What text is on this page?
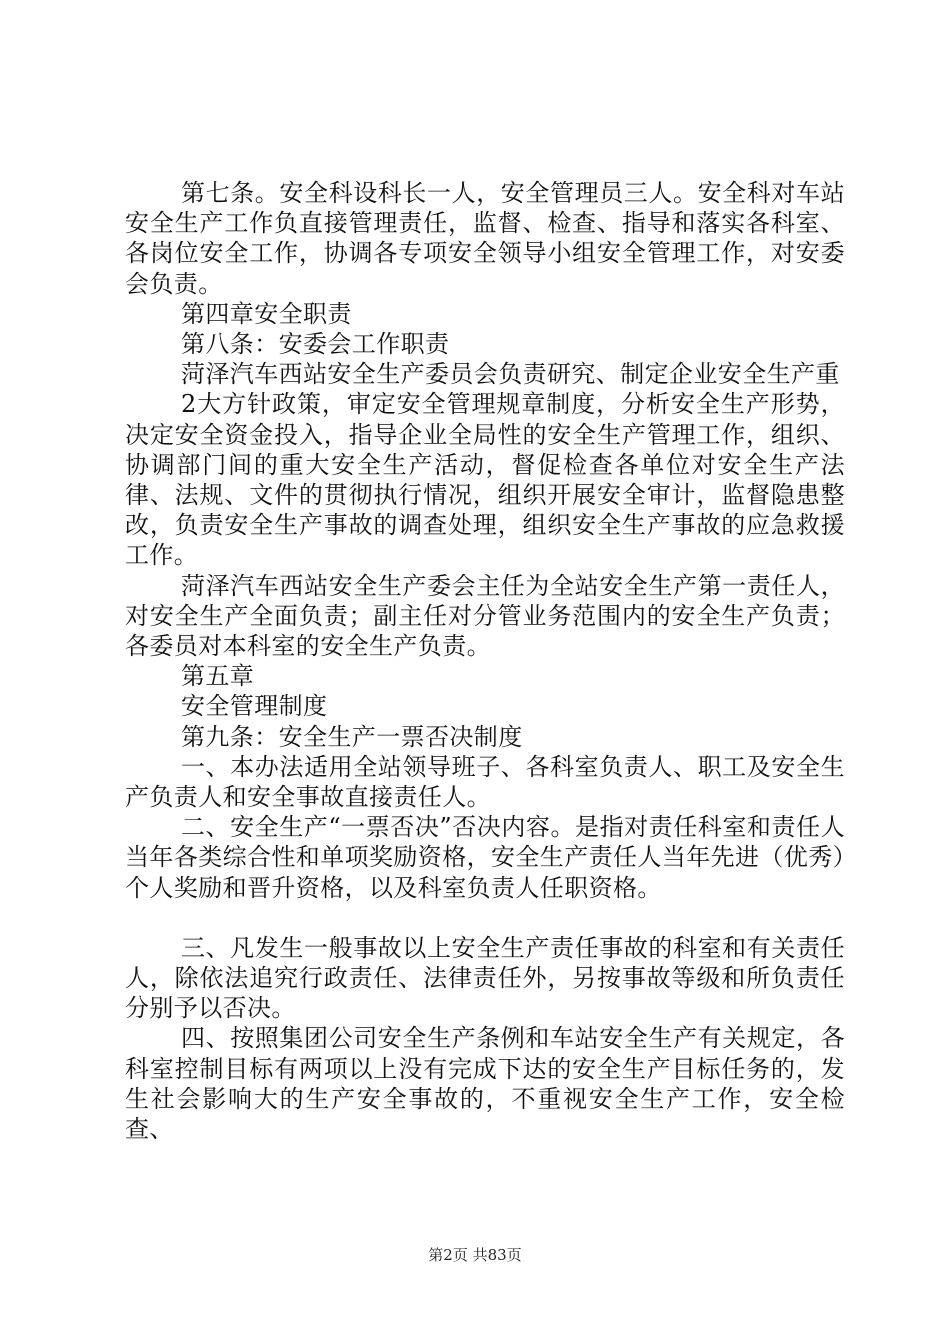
第七条。安全科设科长一人，安全管理员三人。安全科对车站安全生产工作负直接管理责任，监督、检查、指导和落实各科室、各岗位安全工作，协调各专项安全领导小组安全管理工作，对安委会负责。

第四章安全职责

第八条：安委会工作职责

菏泽汽车西站安全生产委员会负责研究、制定企业安全生产重

2大方针政策，审定安全管理规章制度，分析安全生产形势，决定安全资金投入，指导企业全局性的安全生产管理工作，组织、协调部门间的重大安全生产活动，督促检查各单位对安全生产法律、法规、文件的贯彻执行情况，组织开展安全审计，监督隐患整改，负责安全生产事故的调查处理，组织安全生产事故的应急救援工作。

菏泽汽车西站安全生产委会主任为全站安全生产第一责任人，对安全生产全面负责；副主任对分管业务范围内的安全生产负责；各委员对本科室的安全生产负责。

第五章

安全管理制度

第九条：安全生产一票否决制度

一、本办法适用全站领导班子、各科室负责人、职工及安全生产负责人和安全事故直接责任人。

二、安全生产“一票否决”否决内容。是指对责任科室和责任人当年各类综合性和单项奖励资格，安全生产责任人当年先进（优秀）个人奖励和晋升资格，以及科室负责人任职资格。

三、凡发生一般事故以上安全生产责任事故的科室和有关责任人，除依法追究行政责任、法律责任外，另按事故等级和所负责任分别予以否决。

四、按照集团公司安全生产条例和车站安全生产有关规定，各科室控制目标有两项以上没有完成下达的安全生产目标任务的，发生社会影响大的生产安全事故的，不重视安全生产工作，安全检查、

第2页 共83页
